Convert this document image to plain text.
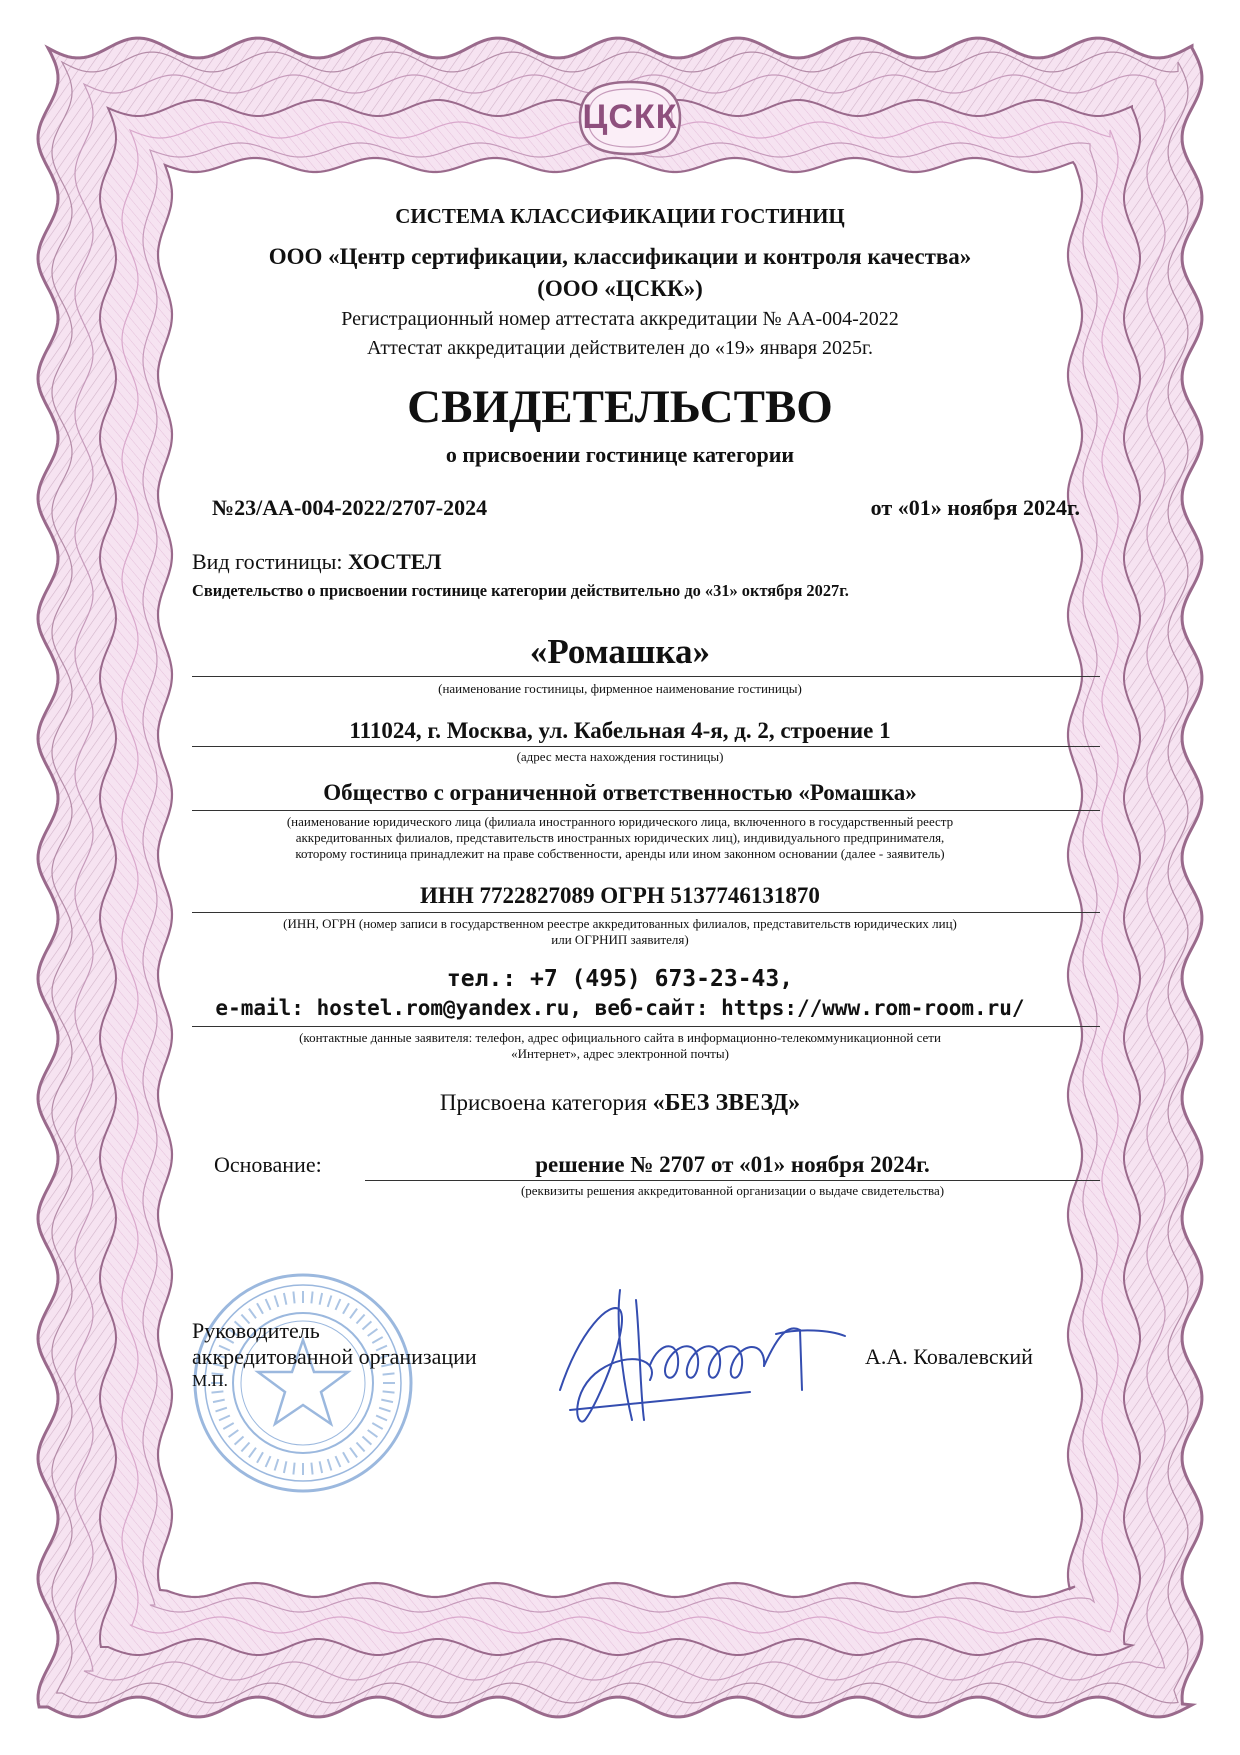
ЦСКК
СИСТЕМА КЛАССИФИКАЦИИ ГОСТИНИЦ
ООО «Центр сертификации, классификации и контроля качества»
(ООО «ЦСКК»)
Регистрационный номер аттестата аккредитации № АА-004-2022
Аттестат аккредитации действителен до «19» января 2025г.
СВИДЕТЕЛЬСТВО
о присвоении гостинице категории
№23/АА-004-2022/2707-2024	от «01» ноября 2024г.
Вид гостиницы: ХОСТЕЛ
Свидетельство о присвоении гостинице категории действительно до «31» октября 2027г.
«Ромашка»
(наименование гостиницы, фирменное наименование гостиницы)
111024, г. Москва, ул. Кабельная 4-я, д. 2, строение 1
(адрес места нахождения гостиницы)
Общество с ограниченной ответственностью «Ромашка»
(наименование юридического лица (филиала иностранного юридического лица, включенного в государственный реестр
аккредитованных филиалов, представительств иностранных юридических лиц), индивидуального предпринимателя,
которому гостиница принадлежит на праве собственности, аренды или ином законном основании (далее - заявитель)
ИНН 7722827089 ОГРН 5137746131870
(ИНН, ОГРН (номер записи в государственном реестре аккредитованных филиалов, представительств юридических лиц)
или ОГРНИП заявителя)
тел.: +7 (495) 673-23-43,
e-mail: hostel.rom@yandex.ru, веб-сайт: https://www.rom-room.ru/
(контактные данные заявителя: телефон, адрес официального сайта в информационно-телекоммуникационной сети
«Интернет», адрес электронной почты)
Присвоена категория «БЕЗ ЗВЕЗД»
Основание:	решение № 2707 от «01» ноября 2024г.
(реквизиты решения аккредитованной организации о выдаче свидетельства)
Руководитель
аккредитованной организации
М.П.
А.А. Ковалевский
